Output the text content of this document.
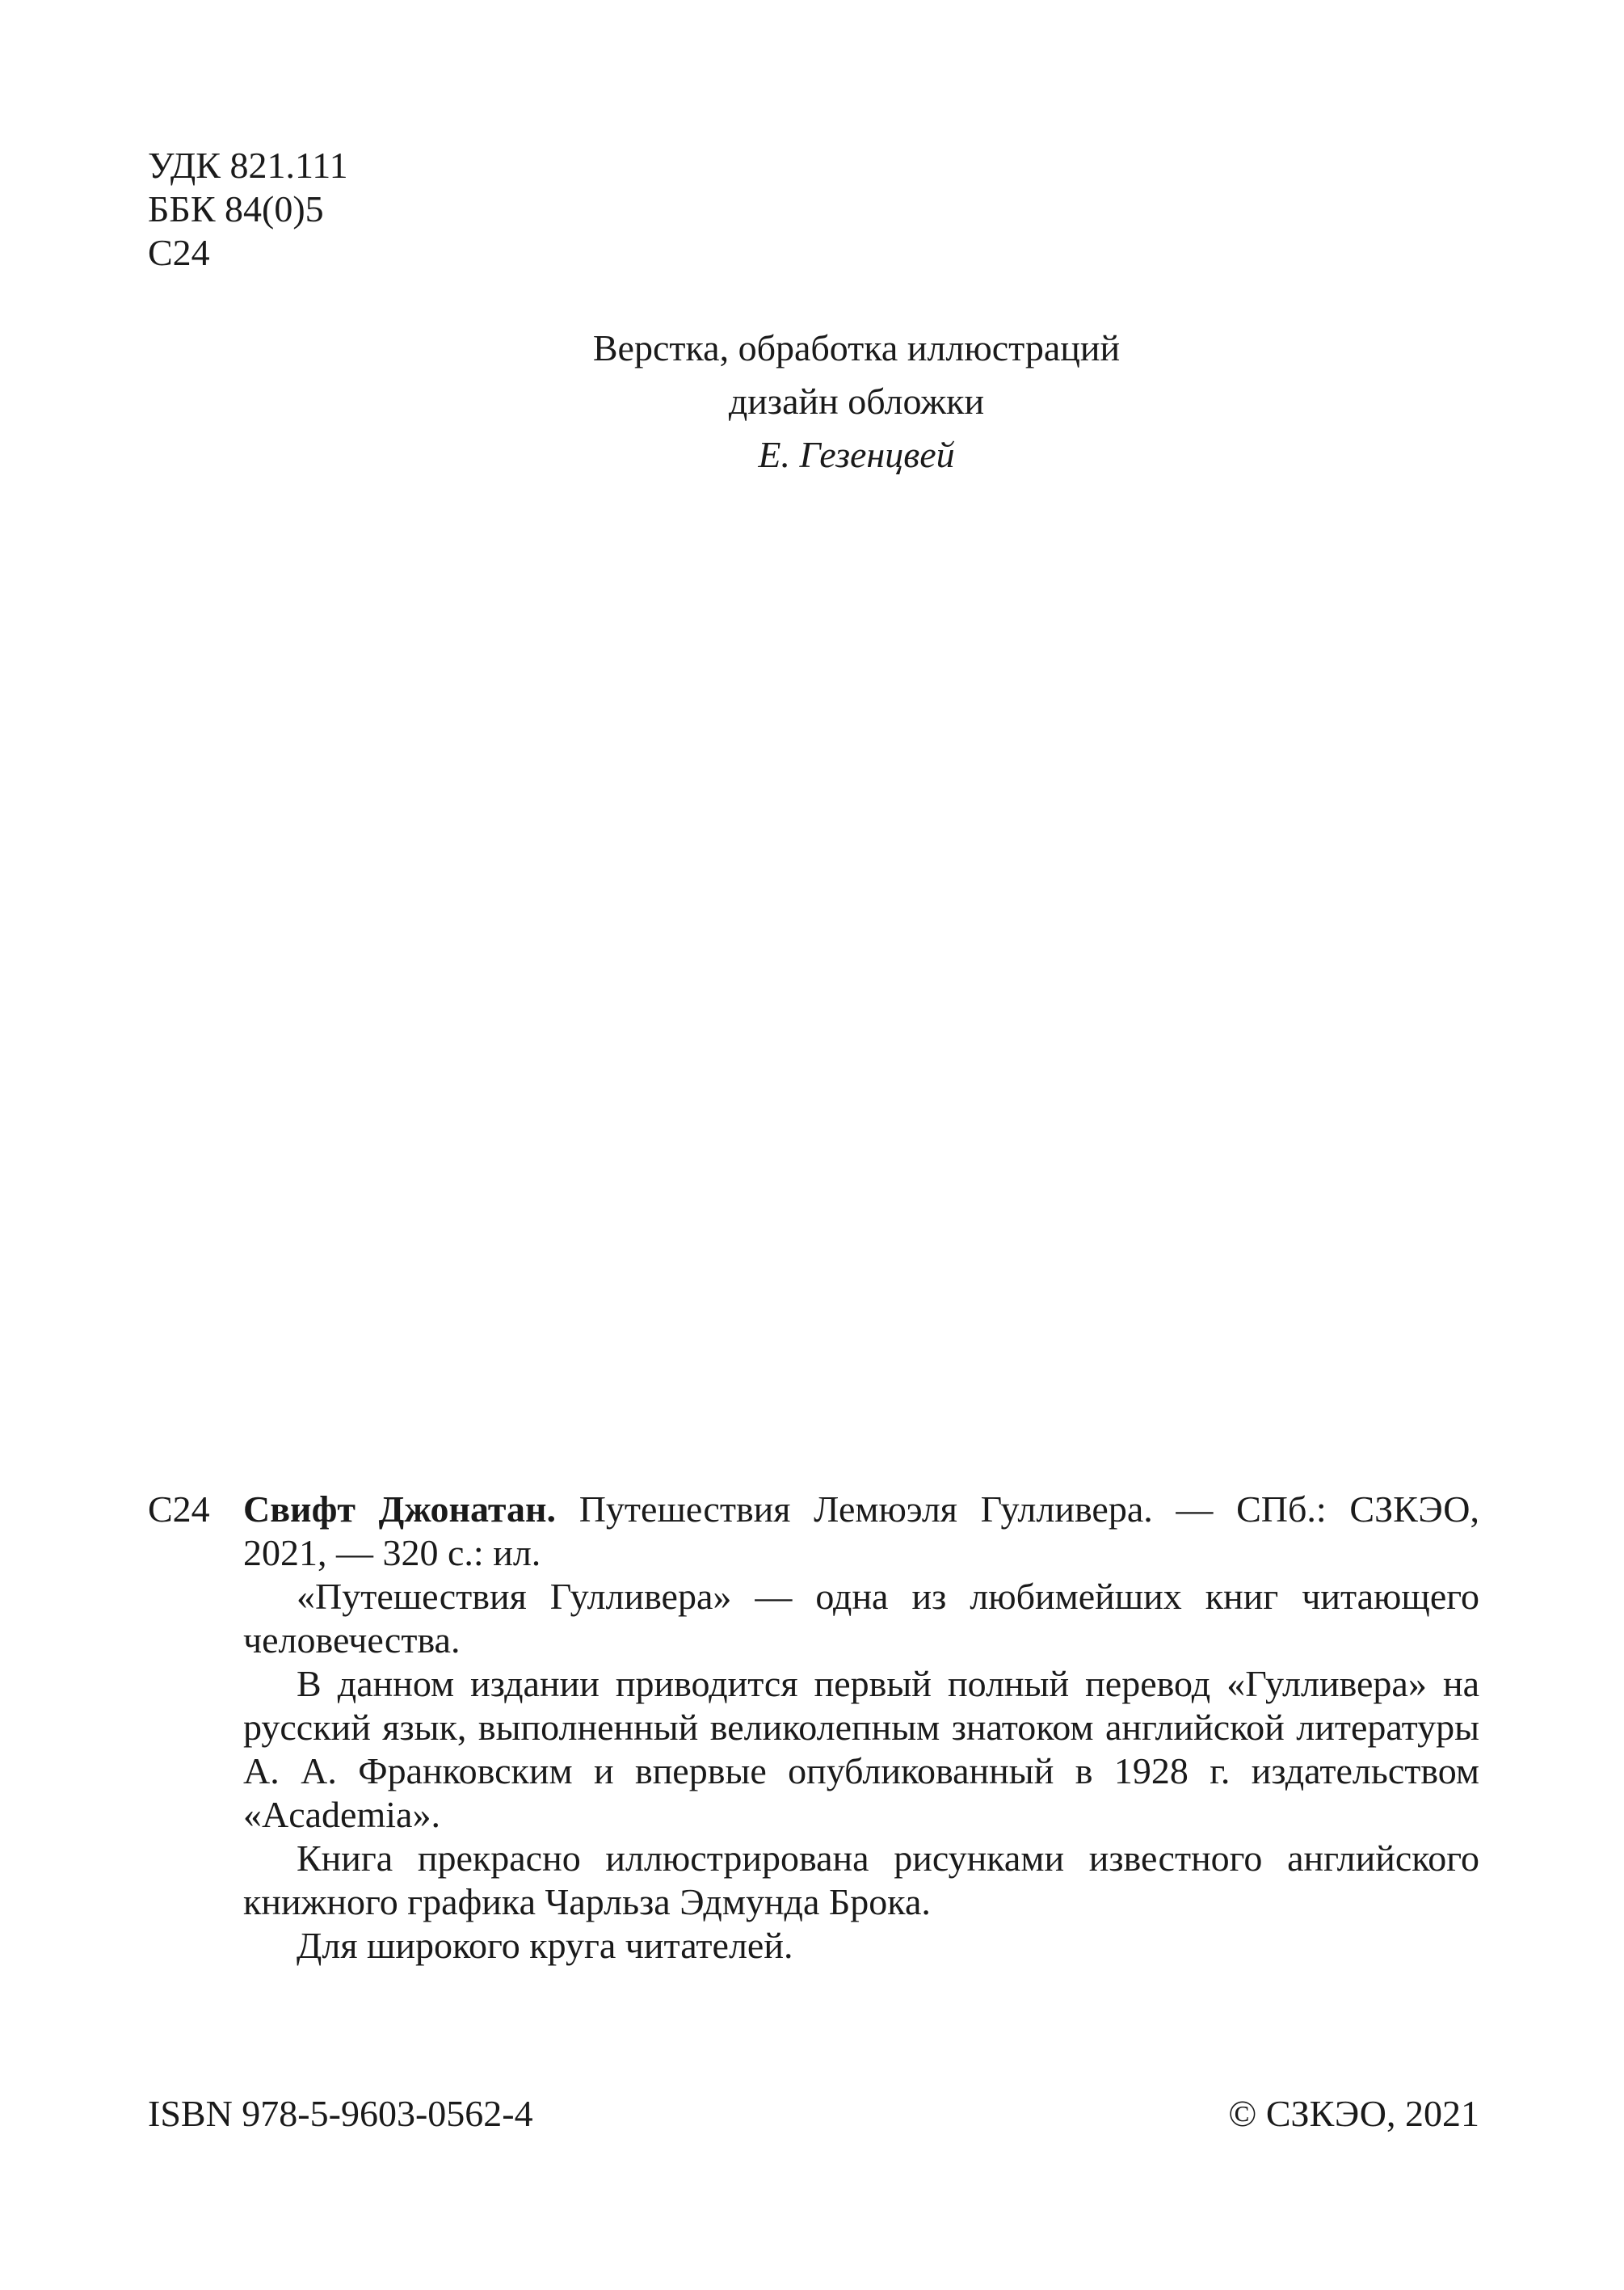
УДК 821.111
ББК 84(0)5
С24
Верстка, обработка иллюстраций
дизайн обложки
Е. Гезенцвей
С24 Свифт Джонатан. Путешествия Лемюэля Гулливера. — СПб.: СЗКЭО,
2021, — 320 с.: ил.

«Путешествия Гулливера» — одна из любимейших книг читающего человечества.

В данном издании приводится первый полный перевод «Гулливера» на русский язык, выполненный великолепным знатоком английской литературы А. А. Франковским и впервые опубликованный в 1928 г. издательством «Academia».

Книга прекрасно иллюстрирована рисунками известного английского книжного графика Чарльза Эдмунда Брока.

Для широкого круга читателей.

ISBN 978-5-9603-0562-4	© СЗКЭО, 2021
